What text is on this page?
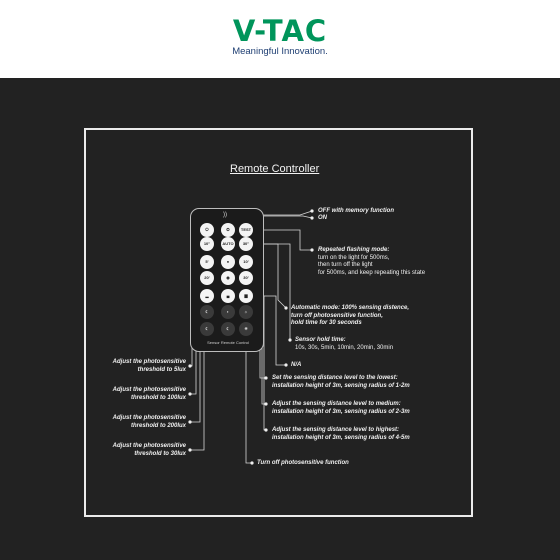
V-TAC
Meaningful Innovation.
Remote Controller
))
⏻	⏼	TEST
10"	AUTO	30"
5'	●	10'
20'	◉	30'
▂	▄	▆
☾	◐	☼
☾	☾	☀
Sensor Remote Control
OFF with memory function
ON
Repeated flashing mode:
turn on the light for 500ms,
then turn off the light
for 500ms, and keep repeating this state
Automatic mode: 100% sensing distence,
turn off photosensitive function,
hold time for 30 seconds
Sensor hold time:
10s, 30s, 5min, 10min, 20min, 30min
N/A
Set the sensing distance level to the lowest:
installation height of 3m, sensing radius of 1-2m
Adjust the sensing distance level to medium:
installation height of 3m, sensing radius of 2-3m
Adjust the sensing distance level to highest:
installation height of 3m, sensing radius of 4-5m
Turn off photosensitive function
Adjust the photosensitive
threshold to 5lux
Adjust the photosensitive
threshold to 100lux
Adjust the photosensitive
threshold to 200lux
Adjust the photosensitive
threshold to 30lux
